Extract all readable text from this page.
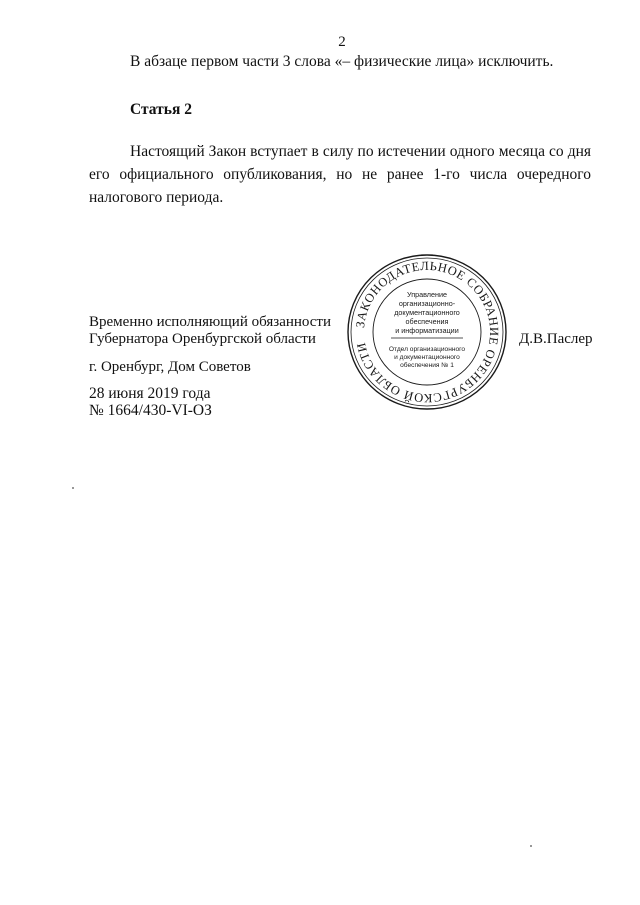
2
В абзаце первом части 3 слова «– физические лица» исключить.
Статья 2
Настоящий Закон вступает в силу по истечении одного месяца со дня
его официального опубликования, но не ранее 1-го числа очередного
налогового периода.
Временно исполняющий обязанности
Губернатора Оренбургской области	Д.В.Паслер
г. Оренбург, Дом Советов
28 июня 2019 года
№ 1664/430-VI-ОЗ
ЗАКОНОДАТЕЛЬНОЕ СОБРАНИЕ ОРЕНБУРГСКОЙ ОБЛАСТИ
Управление
организационно-
документационного
обеспечения
и информатизации
Отдел организационного
и документационного
обеспечения № 1
